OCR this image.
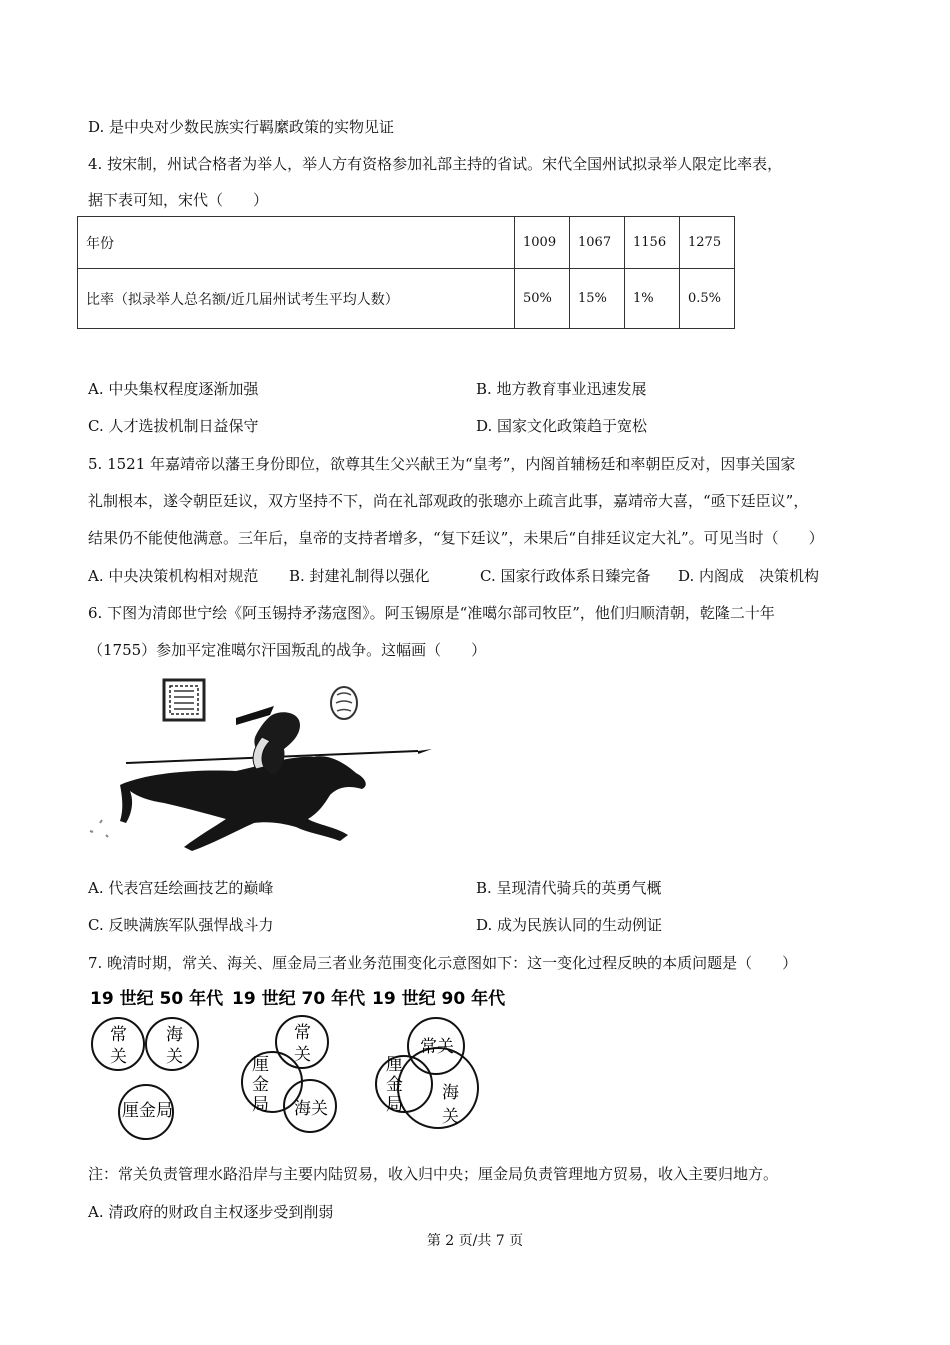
D. 是中央对少数民族实行羁縻政策的实物见证
4. 按宋制，州试合格者为举人，举人方有资格参加礼部主持的省试。宋代全国州试拟录举人限定比率表，
据下表可知，宋代（　　）
年份	1009	1067	1156	1275
比率（拟录举人总名额/近几届州试考生平均人数）	50%	15%	1%	0.5%
A. 中央集权程度逐渐加强	B. 地方教育事业迅速发展
C. 人才选拔机制日益保守	D. 国家文化政策趋于宽松
5. 1521 年嘉靖帝以藩王身份即位，欲尊其生父兴献王为“皇考”，内阁首辅杨廷和率朝臣反对，因事关国家
礼制根本，遂令朝臣廷议，双方坚持不下，尚在礼部观政的张璁亦上疏言此事，嘉靖帝大喜，“亟下廷臣议”，
结果仍不能使他满意。三年后，皇帝的支持者增多，“复下廷议”，未果后“自排廷议定大礼”。可见当时（　　）
A. 中央决策机构相对规范 B. 封建礼制得以强化	C. 国家行政体系日臻完备 D. 内阁成　决策机构
6. 下图为清郎世宁绘《阿玉锡持矛荡寇图》。阿玉锡原是“准噶尔部司牧臣”，他们归顺清朝，乾隆二十年
（1755）参加平定准噶尔汗国叛乱的战争。这幅画（　　）
A. 代表宫廷绘画技艺的巅峰	B. 呈现清代骑兵的英勇气概
C. 反映满族军队强悍战斗力	D. 成为民族认同的生动例证
7. 晚清时期，常关、海关、厘金局三者业务范围变化示意图如下：这一变化过程反映的本质问题是（　　）
19 世纪 50 年代
常
关
海
关
厘金局
19 世纪 70 年代
常
关
厘
金
局 海关
19 世纪 90 年代
常关
厘
金
局
海
关
注：常关负责管理水路沿岸与主要内陆贸易，收入归中央；厘金局负责管理地方贸易，收入主要归地方。
A. 清政府的财政自主权逐步受到削弱
第 2 页/共 7 页
